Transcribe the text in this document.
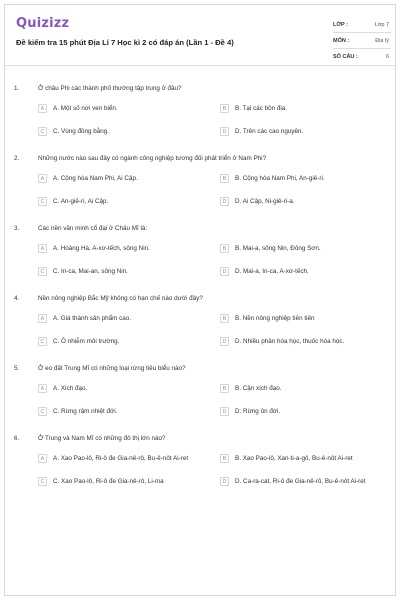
Quizizz
Đề kiểm tra 15 phút Địa Lí 7 Học kì 2 có đáp án (Lần 1 - Đề 4)
LỚP :	Lớp 7
MÔN :	Địa lý
SỐ CÂU :	6
1.	Ở châu Phi các thành phố thường tập trung ở đâu?
A	A. Một số nơi ven biển.	B	B. Tại các bồn địa.
C	C. Vùng đồng bằng.	D	D. Trên các cao nguyên.
2.	Những nước nào sau đây có ngành công nghiệp tương đối phát triển ở Nam Phi?
A	A. Cộng hòa Nam Phi, Ai Cập.	B	B. Cộng hòa Nam Phi, An-giê-ri.
C	C. An-giê-ri, Ai Cập.	D	D. Ai Cập, Ni-giê-ri-a.
3.	Các nền văn minh cổ đại ở Châu Mĩ là:
A	A. Hoàng Hà, A-xơ-tếch, sông Nin.	B	B. Mai-a, sông Nin, Đông Sơn.
C	C. In-ca, Mai-an, sông Nin.	D	D. Mai-a, In-ca, A-xơ-tếch.
4.	Nền nông nghiệp Bắc Mỹ không có hạn chế nào dưới đây?
A	A. Giá thành sản phẩm cao.	B	B. Nền nông nghiệp tiên tiến
C	C. Ô nhiễm môi trường.	D	D. Nhiều phân hóa học, thuốc hóa học.
5.	Ở eo đất Trung Mĩ có những loại rừng tiêu biểu nào?
A	A. Xích đạo.	B	B. Cận xích đạo.
C	C. Rừng rậm nhiệt đới.	D	D. Rừng ôn đới.
6.	Ở Trung và Nam Mĩ có những đô thị lớn nào?
A	A. Xao Pao-lô, Ri-ô đe Gia-nê-rô, Bu-ê-nôt Ai-ret	B	B. Xao Pao-lô, Xan-ti-a-gô, Bu-ê-nôt Ai-ret
C	C. Xao Pao-lô, Ri-ô đe Gia-nê-rô, Li-ma	D	D. Ca-ra-cat, Ri-ô đe Gia-nê-rô, Bu-ê-nôt Ai-ret
